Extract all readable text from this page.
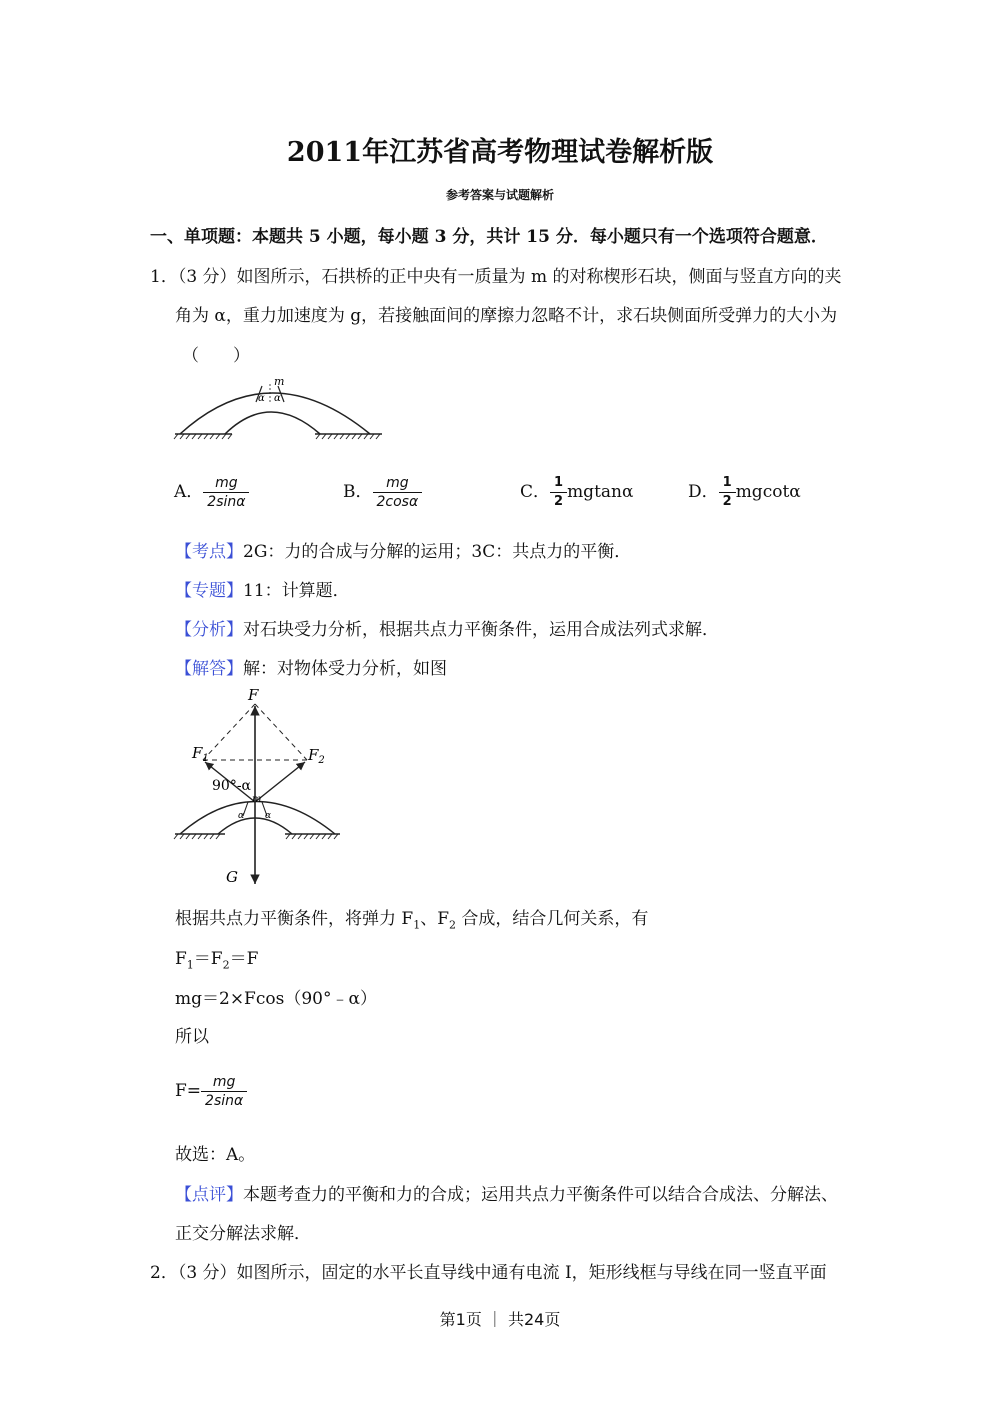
2011年江苏省高考物理试卷解析版
参考答案与试题解析
一、单项题：本题共 5 小题，每小题 3 分，共计 15 分．每小题只有一个选项符合题意．
1．（3 分）如图所示，石拱桥的正中央有一质量为 m 的对称楔形石块，侧面与竖直方向的夹
角为 α，重力加速度为 g，若接触面间的摩擦力忽略不计，求石块侧面所受弹力的大小为
（　　）
m
α α
A． $\frac{mg}{2\sin\alpha}$	B． $\frac{mg}{2\cos\alpha}$	C． $\frac{1}{2}$ mgtanα	D． $\frac{1}{2}$ mgcotα
【考点】2G：力的合成与分解的运用；3C：共点力的平衡．
【专题】11：计算题．
【分析】对石块受力分析，根据共点力平衡条件，运用合成法列式求解．
【解答】解：对物体受力分析，如图
F
$F_1$	$F_2$
90°-α
m
α α
G
根据共点力平衡条件，将弹力 $F_1$、$F_2$ 合成，结合几何关系，有
$F_1=F_2=F$
mg＝2×Fcos（90°﹣α）
所以
$F= \frac{mg}{2\sin\alpha}$
故选：A。
【点评】本题考查力的平衡和力的合成；运用共点力平衡条件可以结合合成法、分解法、
正交分解法求解．
2．（3 分）如图所示，固定的水平长直导线中通有电流 I，矩形线框与导线在同一竖直平面
第1页 ｜ 共24页
